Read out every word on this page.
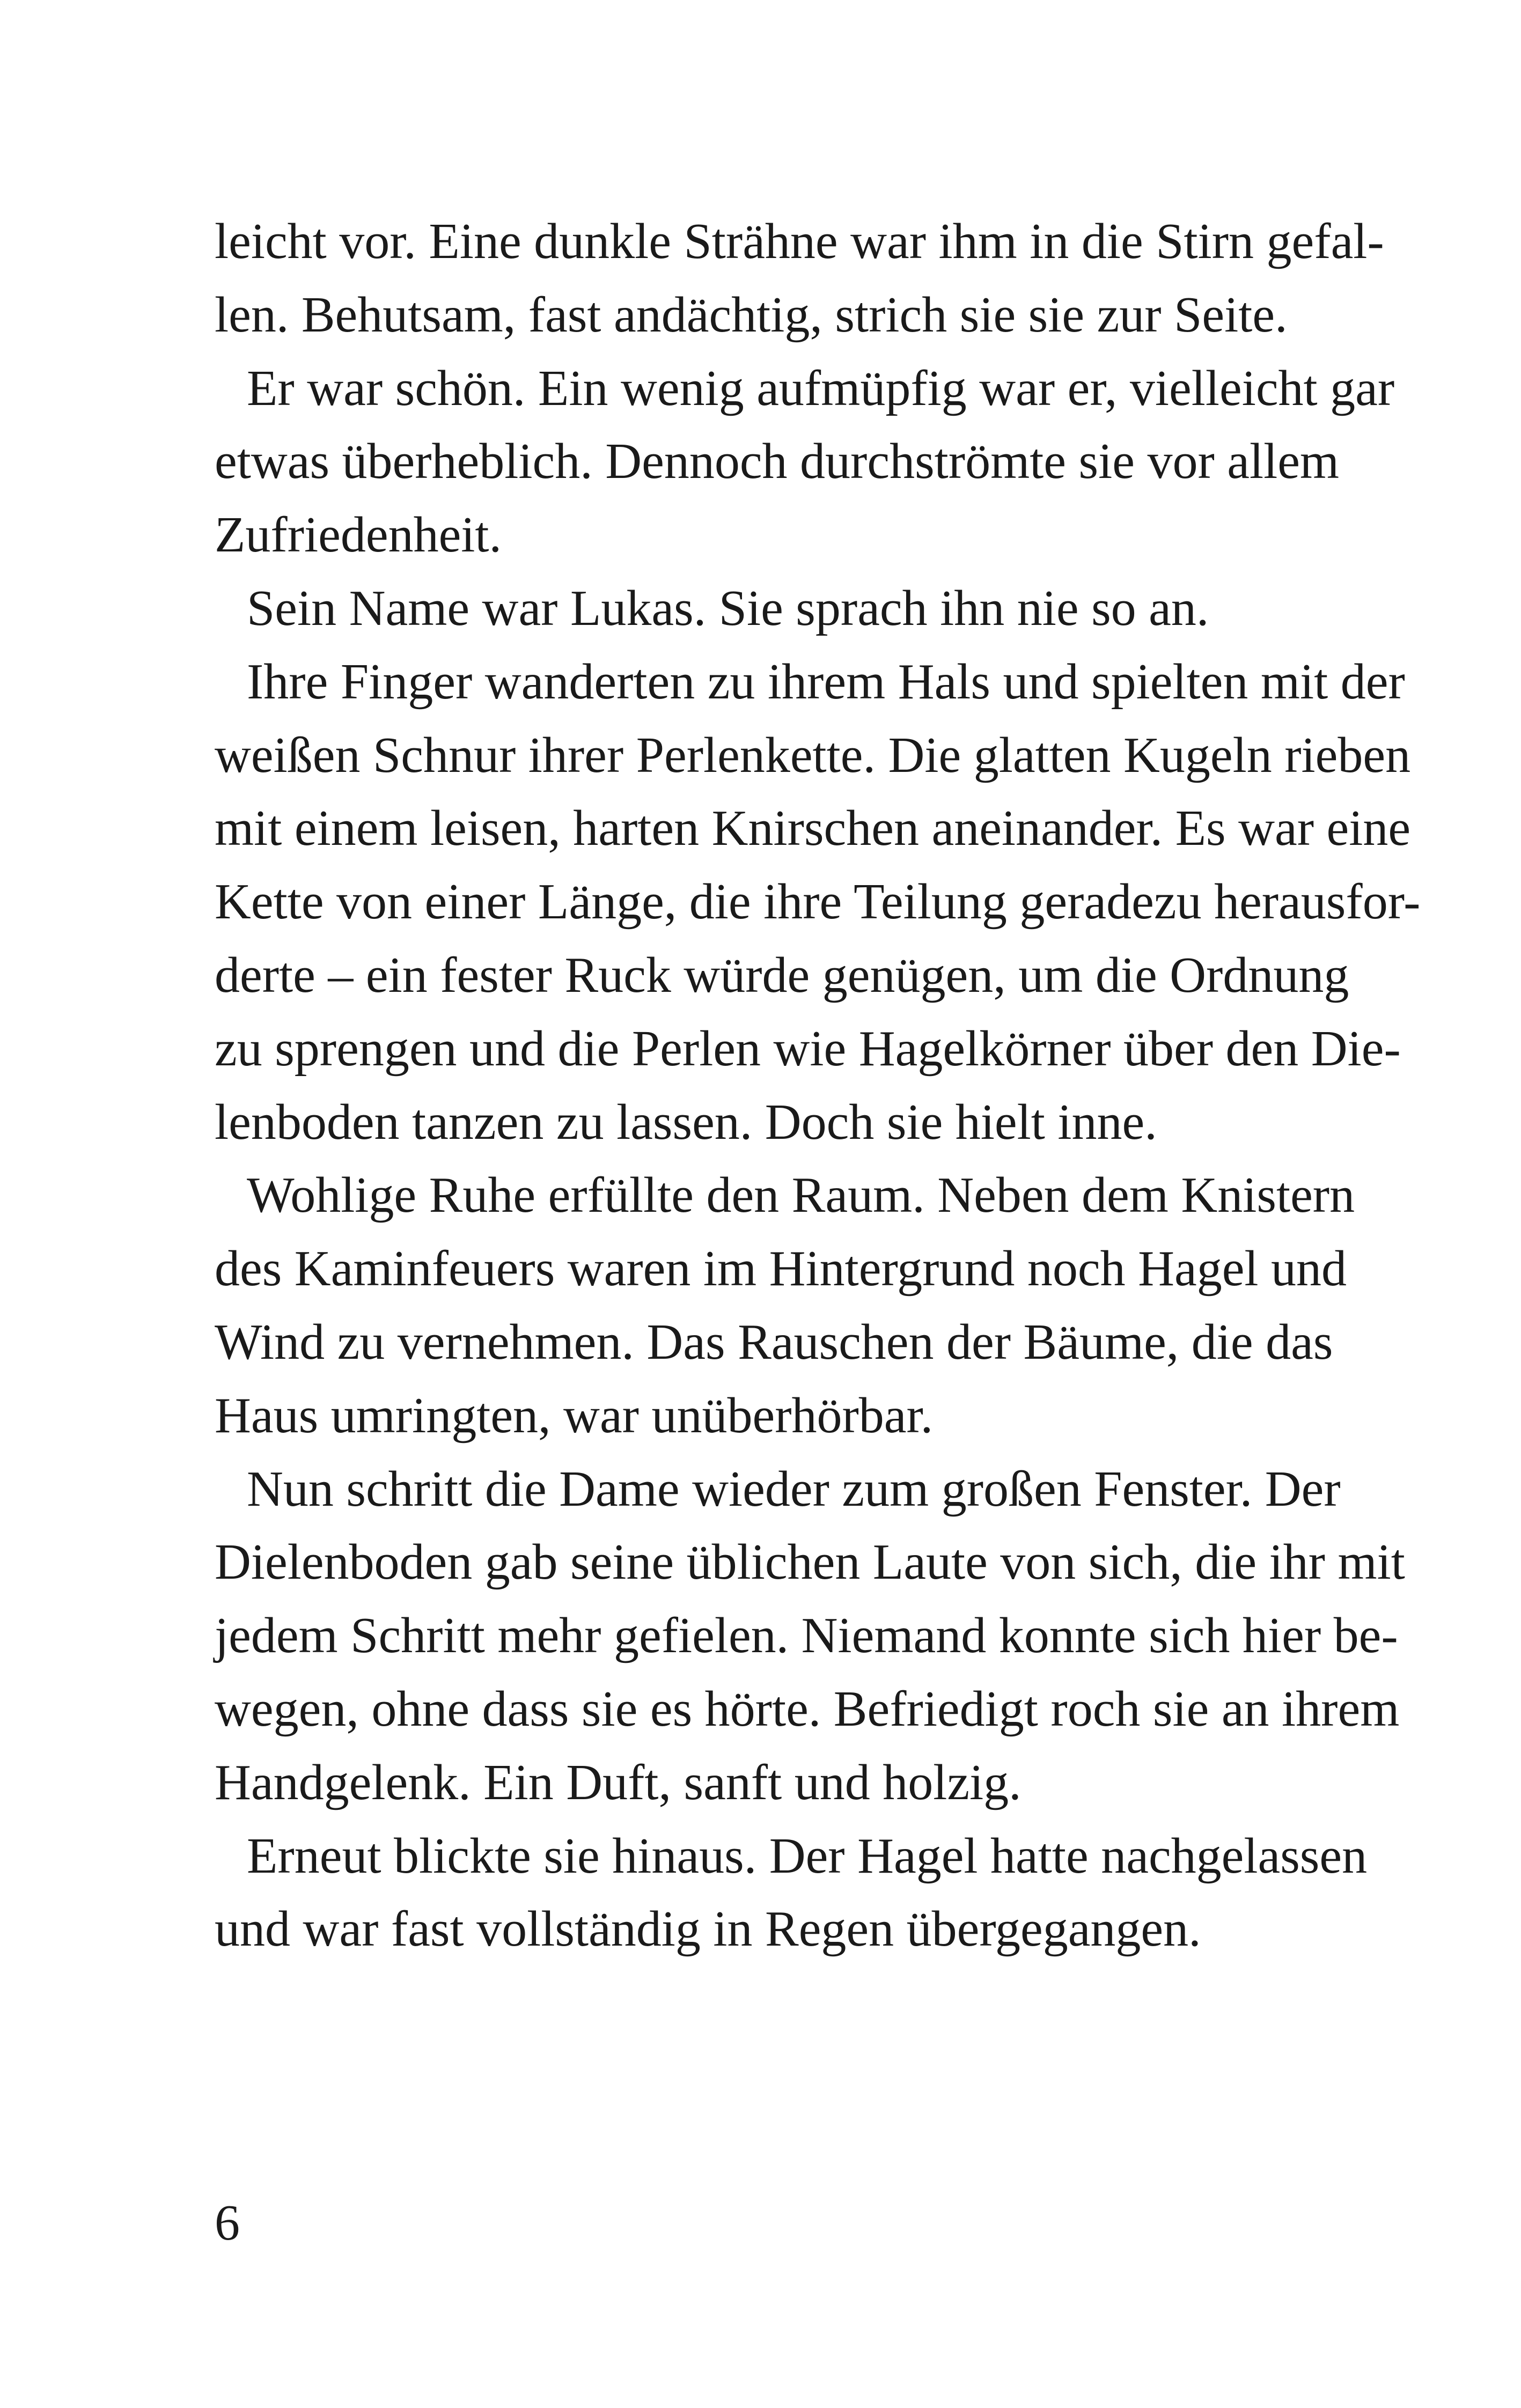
leicht vor. Eine dunkle Strähne war ihm in die Stirn gefal-
len. Behutsam, fast andächtig, strich sie sie zur Seite.
Er war schön. Ein wenig aufmüpfig war er, vielleicht gar
etwas überheblich. Dennoch durchströmte sie vor allem
Zufriedenheit.
Sein Name war Lukas. Sie sprach ihn nie so an.
Ihre Finger wanderten zu ihrem Hals und spielten mit der
weißen Schnur ihrer Perlenkette. Die glatten Kugeln rieben
mit einem leisen, harten Knirschen aneinander. Es war eine
Kette von einer Länge, die ihre Teilung geradezu herausfor-
derte – ein fester Ruck würde genügen, um die Ordnung
zu sprengen und die Perlen wie Hagelkörner über den Die-
lenboden tanzen zu lassen. Doch sie hielt inne.
Wohlige Ruhe erfüllte den Raum. Neben dem Knistern
des Kaminfeuers waren im Hintergrund noch Hagel und
Wind zu vernehmen. Das Rauschen der Bäume, die das
Haus umringten, war unüberhörbar.
Nun schritt die Dame wieder zum großen Fenster. Der
Dielenboden gab seine üblichen Laute von sich, die ihr mit
jedem Schritt mehr gefielen. Niemand konnte sich hier be-
wegen, ohne dass sie es hörte. Befriedigt roch sie an ihrem
Handgelenk. Ein Duft, sanft und holzig.
Erneut blickte sie hinaus. Der Hagel hatte nachgelassen
und war fast vollständig in Regen übergegangen.
6
